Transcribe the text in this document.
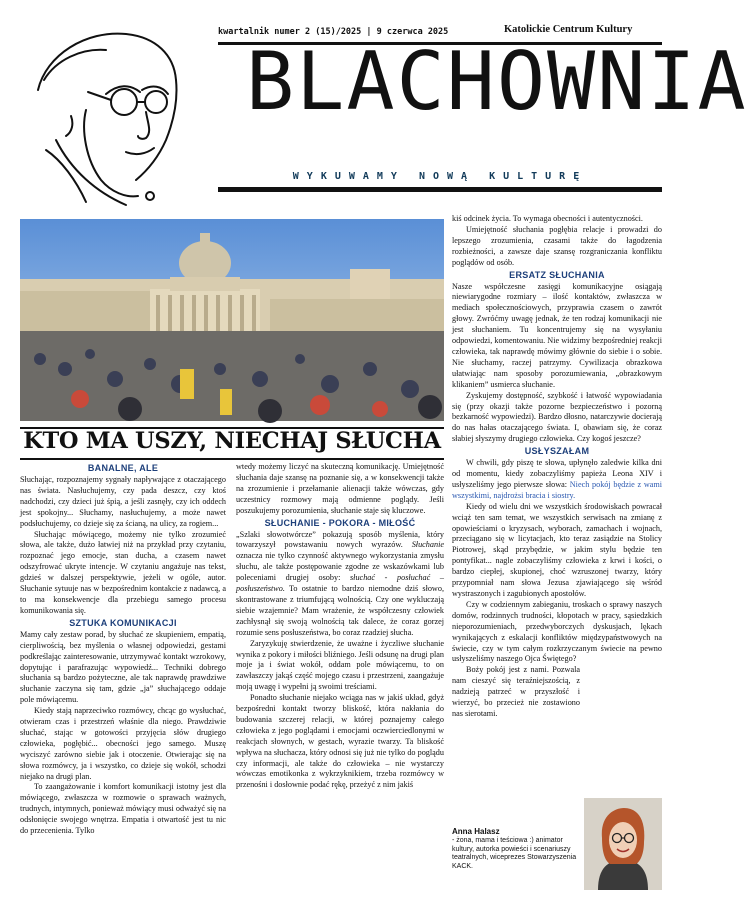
kwartalnik numer 2 (15)/2025 | 9 czerwca 2025	Katolickie Centrum Kultury
BLACHOWNIA
WYKUWAMY NOWĄ KULTURĘ
KTO MA USZY, NIECHAJ SŁUCHA
BANALNE, ALE

Słuchając, rozpoznajemy sygnały napływające z otaczającego nas świata. Nasłuchujemy, czy pada deszcz, czy ktoś nadchodzi, czy dzieci już śpią, a jeśli zasnęły, czy ich oddech jest spokojny... Słuchamy, nasłuchujemy, a może nawet podsłuchujemy, co dzieje się za ścianą, na ulicy, za rogiem...

Słuchając mówiącego, możemy nie tylko zrozumieć słowa, ale także, dużo łatwiej niż na przykład przy czytaniu, rozpoznać jego emocje, stan ducha, a czasem nawet odszyfrować ukryte intencje. W czytaniu angażuje nas tekst, gdzieś w dalszej perspektywie, jeżeli w ogóle, autor. Słuchanie sytuuje nas w bezpośrednim kontakcie z nadawcą, a to ma konsekwencje dla przebiegu samego procesu komunikowania się.

SZTUKA KOMUNIKACJI

Mamy cały zestaw porad, by słuchać ze skupieniem, empatią, cierpliwością, bez myślenia o własnej odpowiedzi, gestami podkreślając zainteresowanie, utrzymywać kontakt wzrokowy, dopytując i parafrazując wypowiedź... Techniki dobrego słuchania są bardzo pożyteczne, ale tak naprawdę prawdziwe słuchanie zaczyna się tam, gdzie „ja” słuchającego oddaje pole mówiącemu.

Kiedy stają naprzeciwko rozmówcy, chcąc go wysłuchać, otwieram czas i przestrzeń właśnie dla niego. Prawdziwie słuchać, stając w gotowości przyjęcia słów drugiego człowieka, pogłębić... obecności jego samego. Muszę wyciszyć zarówno siebie jak i otoczenie. Otwierając się na słowa rozmówcy, ja i wszystko, co dzieje się wokół, schodzi niejako na drugi plan.

To zaangażowanie i komfort komunikacji istotny jest dla mówiącego, zwłaszcza w rozmowie o sprawach ważnych, trudnych, intymnych, ponieważ mówiący musi odważyć się na odsłonięcie swojego wnętrza. Empatia i otwartość jest tu nic do przecenienia. Tylko

wtedy możemy liczyć na skuteczną komunikację. Umiejętność słuchania daje szansę na poznanie się, a w konsekwencji także na zrozumienie i przełamanie alienacji także wówczas, gdy uczestnicy rozmowy mają odmienne poglądy. Jeśli poszukujemy porozumienia, słuchanie staje się kluczowe.

SŁUCHANIE - POKORA - MIŁOŚĆ

„Szlaki słowotwórcze” pokazują sposób myślenia, który towarzyszył powstawaniu nowych wyrazów. Słuchanie oznacza nie tylko czynność aktywnego wykorzystania zmysłu słuchu, ale także postępowanie zgodne ze wskazówkami lub poleceniami drugiej osoby: słuchać - posłuchać – posłuszeństwo. To ostatnie to bardzo niemodne dziś słowo, skontrastowane z triumfującą wolnością. Czy one wykluczają siebie wzajemnie? Mam wrażenie, że współczesny człowiek zachłysnął się swoją wolnością tak dalece, że coraz gorzej rozumie sens posłuszeństwa, bo coraz rzadziej słucha.

Zaryzykuję stwierdzenie, że uważne i życzliwe słuchanie wynika z pokory i miłości bliźniego. Jeśli odsunę na drugi plan moje ja i świat wokół, oddam pole mówiącemu, to on zawłaszczy jakąś część mojego czasu i przestrzeni, zaangażuje moją uwagę i wypełni ją swoimi treściami.

Ponadto słuchanie niejako wciąga nas w jakiś układ, gdyż bezpośredni kontakt tworzy bliskość, która nakłania do budowania szczerej relacji, w której poznajemy całego człowieka z jego poglądami i emocjami oczwierciedlonymi w reakcjach słownych, w gestach, wyrazie twarzy. Ta bliskość wpływa na słuchacza, który odnosi się już nie tylko do poglądu czy informacji, ale także do człowieka – nie wystarczy wówczas emotikonka z wykrzyknikiem, trzeba rozmówcy w przenośni i dosłownie podać rękę, przeżyć z nim jakiś

kiś odcinek życia. To wymaga obecności i autentyczności.

Umiejętność słuchania pogłębia relacje i prowadzi do lepszego zrozumienia, czasami także do łagodzenia rozbieżności, a zawsze daje szansę rozgraniczania konfliktu poglądów od osób.

ERSATZ SŁUCHANIA

Nasze współczesne zasięgi komunikacyjne osiągają niewiarygodne rozmiary – ilość kontaktów, zwłaszcza w mediach społecznościowych, przyprawia czasem o zawrót głowy. Zwróćmy uwagę jednak, że ten rodzaj komunikacji nie jest słuchaniem. Tu koncentrujemy się na wysyłaniu odpowiedzi, komentowaniu. Nie widzimy bezpośredniej reakcji człowieka, tak naprawdę mówimy głównie do siebie i o sobie. Nie słuchamy, raczej patrzymy. Cywilizacja obrazkowa ułatwiając nam sposoby porozumiewania, „obrazkowym klikaniem” usmierca słuchanie.

Zyskujemy dostępność, szybkość i łatwość wypowiadania się (przy okazji także pozorne bezpieczeństwo i pozorną bezkarność wypowiedzi). Bardzo dłosno, natarczywie docierają do nas hałas otaczającego świata. I, obawiam się, że coraz słabiej słyszymy drugiego człowieka. Czy kogoś jeszcze?

USŁYSZAŁAM

W chwili, gdy piszę te słowa, upłynęło zaledwie kilka dni od momentu, kiedy zobaczyliśmy papieża Leona XIV i usłyszeliśmy jego pierwsze słowa: Niech pokój będzie z wami wszystkimi, najdrożsi bracia i siostry.

Kiedy od wielu dni we wszystkich środowiskach powracał wciąż ten sam temat, we wszystkich serwisach na zmianę z opowieściami o kryzysach, wyborach, zamachach i wojnach, przeciągano się w licytacjach, kto teraz zasiądzie na Stolicy Piotrowej, skąd przybędzie, w jakim stylu będzie ten pontyfikat... nagle zobaczyliśmy człowieka z krwi i kości, o bardzo ciepłej, skupionej, choć wzruszonej twarzy, który przypomniał nam słowa Jezusa zjawiającego się wśród wystraszonych i zagubionych apostołów.

Czy w codziennym zabieganiu, troskach o sprawy naszych domów, rodzinnych trudności, kłopotach w pracy, sąsiedzkich nieporozumieniach, przedwyborczych dyskusjach, lękach wynikających z eskalacji konfliktów międzypaństwowych na świecie, czy w tym całym rozkrzyczanym świecie na pewno usłyszeliśmy naszego Ojca Świętego?

Boży pokój jest z nami. Pozwala nam cieszyć się teraźniejszością, z nadzieją patrzeć w przyszłość i wierzyć, bo przecież nie zostawiono nas sierotami.

Anna Halasz
- żona, mama i teściowa :) animator kultury, autorka powieści i scenariuszy teatralnych, wiceprezes Stowarzyszenia KACK.
